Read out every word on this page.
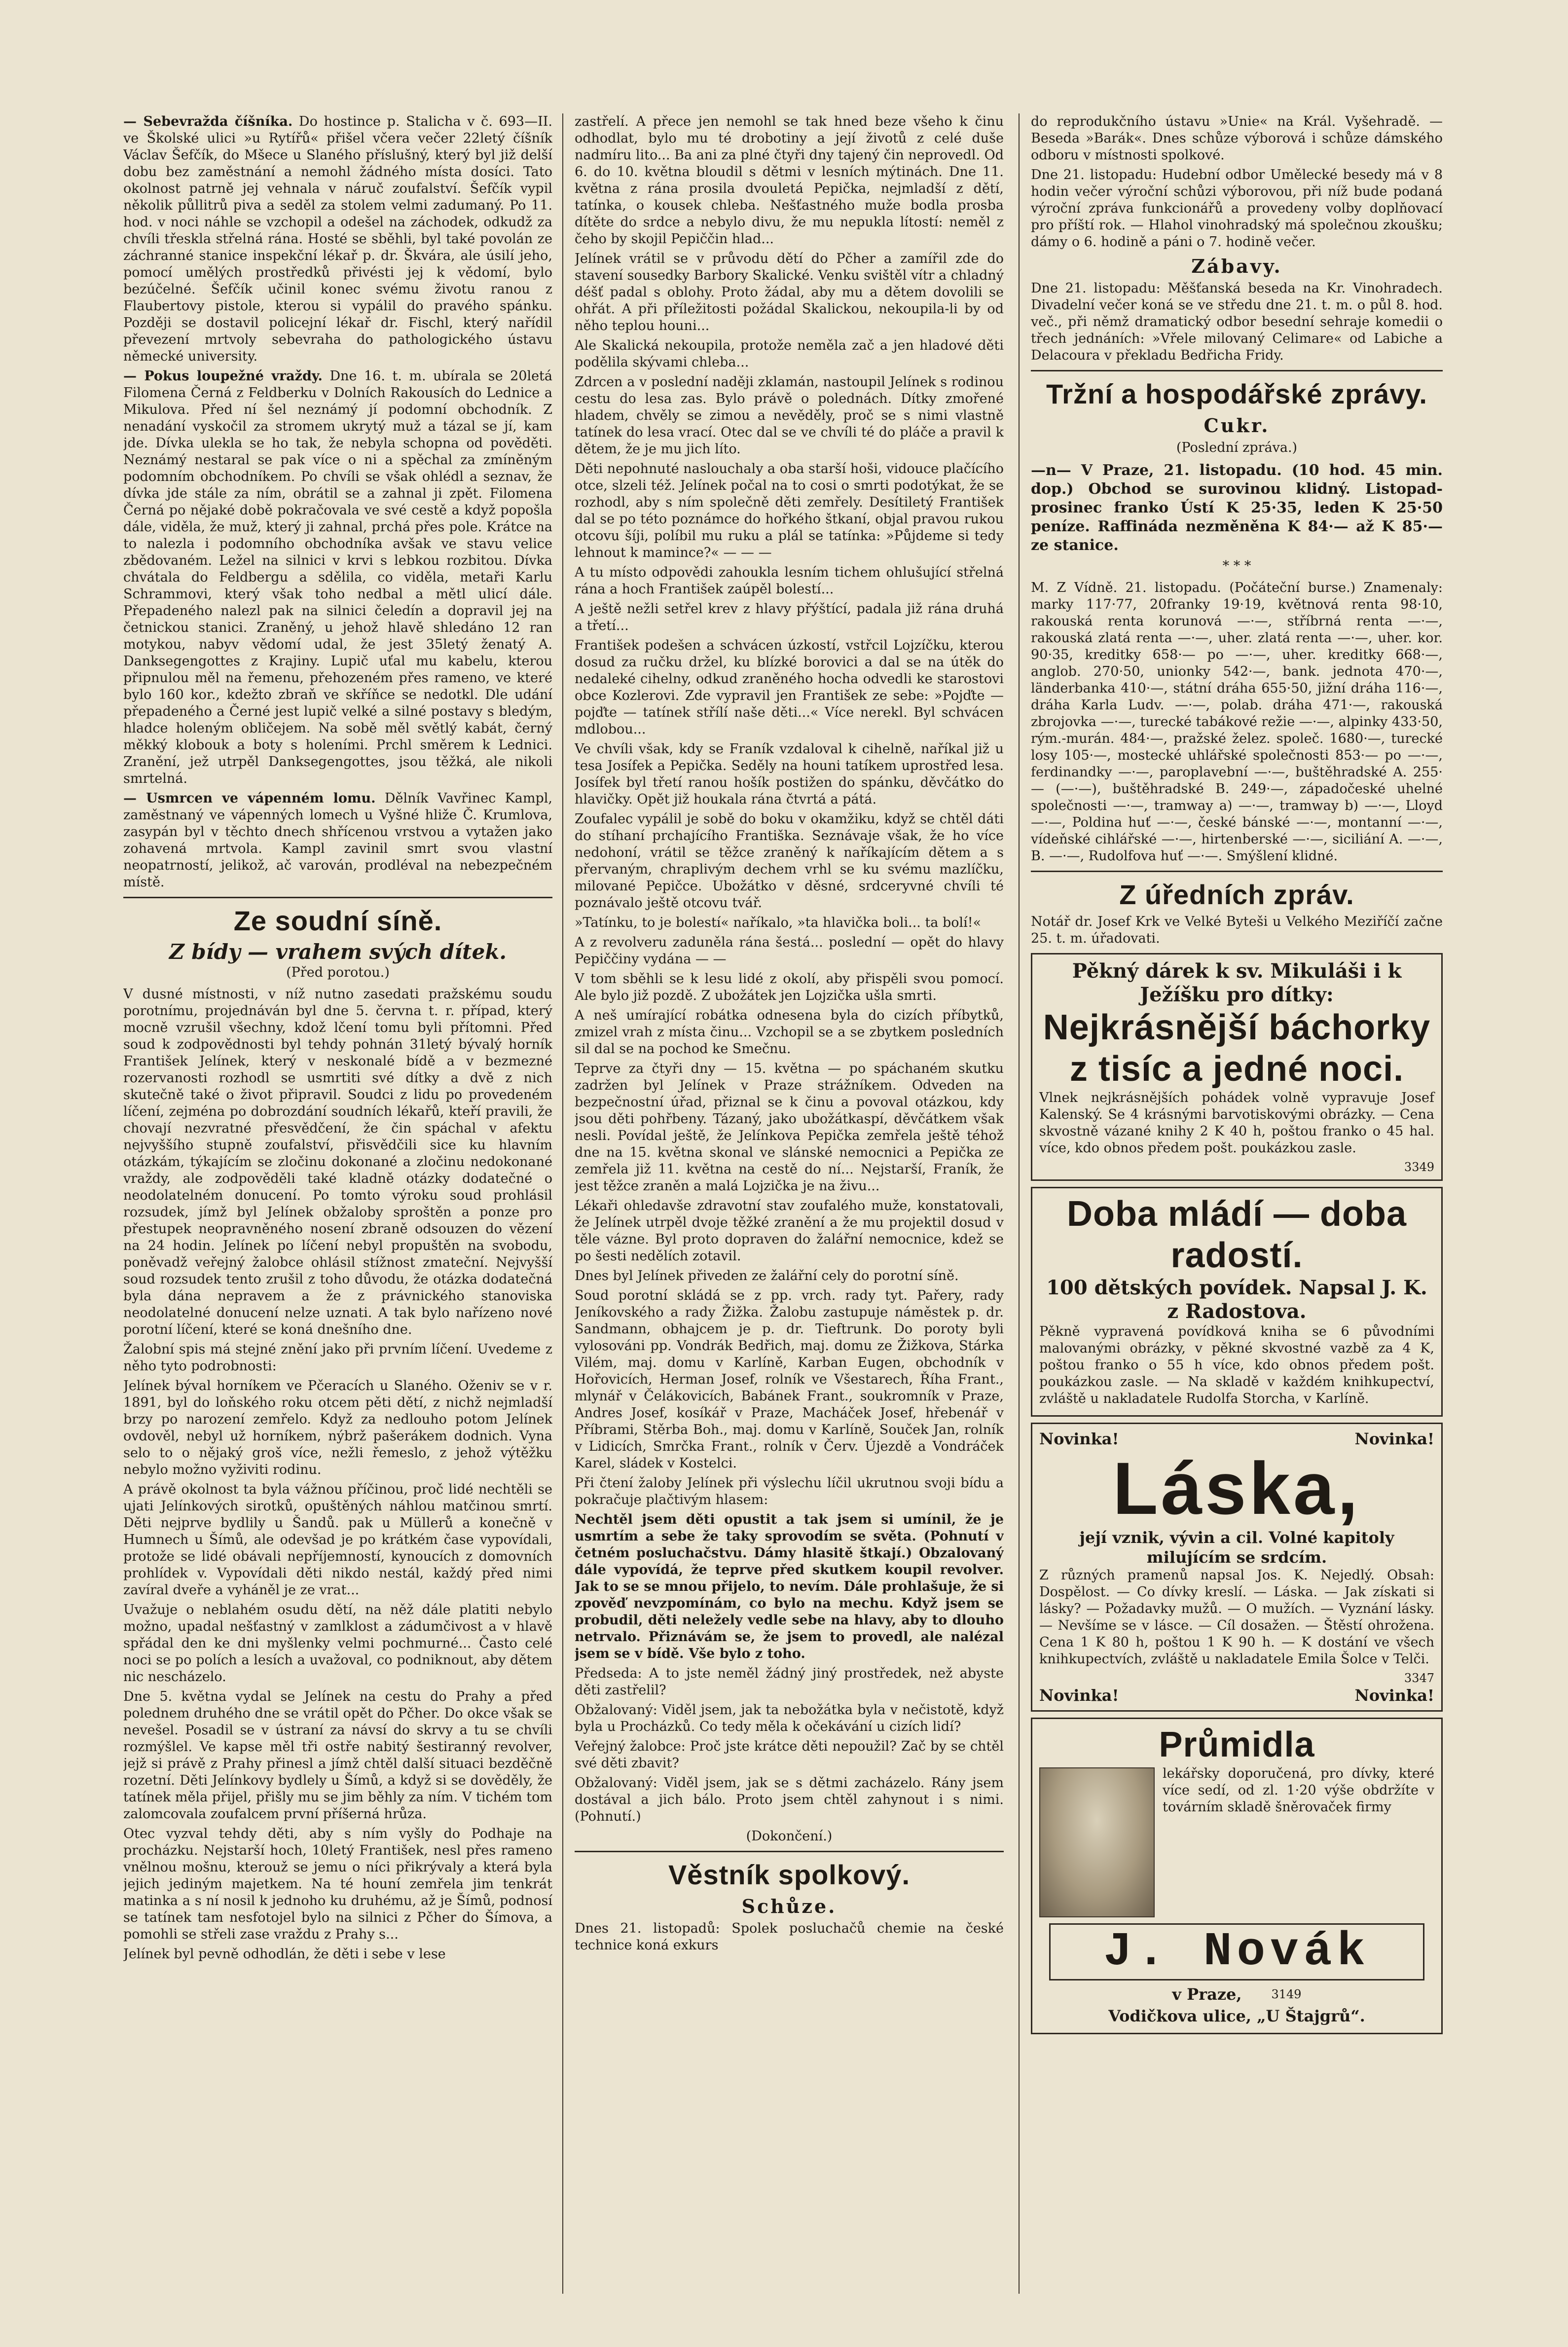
— Sebevražda číšníka. Do hostince p. Stalicha v č. 693—II. ve Školské ulici »u Rytířů« přišel včera večer 22letý číšník Václav Šefčík, do Mšece u Slaného příslušný, který byl již delší dobu bez zaměstnání a nemohl žádného místa dosíci. Tato okolnost patrně jej vehnala v náruč zoufalství. Šefčík vypil několik půllitrů piva a seděl za stolem velmi zadumaný. Po 11. hod. v noci náhle se vzchopil a odešel na záchodek, odkudž za chvíli třeskla střelná rána. Hosté se sběhli, byl také povolán ze záchranné stanice inspekční lékař p. dr. Škvára, ale úsilí jeho, pomocí umělých prostředků přivésti jej k vědomí, bylo bezúčelné. Šefčík učinil konec svému životu ranou z Flaubertovy pistole, kterou si vypálil do pravého spánku. Později se dostavil policejní lékař dr. Fischl, který nařídil převezení mrtvoly sebevraha do pathologického ústavu německé university.

— Pokus loupežné vraždy. Dne 16. t. m. ubírala se 20letá Filomena Černá z Feldberku v Dolních Rakousích do Lednice a Mikulova. Před ní šel neznámý jí podomní obchodník. Z nenadání vyskočil za stromem ukrytý muž a tázal se jí, kam jde. Dívka ulekla se ho tak, že nebyla schopna od pověděti. Neznámý nestaral se pak více o ni a spěchal za zmíněným podomním obchodníkem. Po chvíli se však ohlédl a seznav, že dívka jde stále za ním, obrátil se a zahnal ji zpět. Filomena Černá po nějaké době pokračovala ve své cestě a když popošla dále, viděla, že muž, který ji zahnal, prchá přes pole. Krátce na to nalezla i podomního obchodníka avšak ve stavu velice zbědovaném. Ležel na silnici v krvi s lebkou rozbitou. Dívka chvátala do Feldbergu a sdělila, co viděla, metaři Karlu Schrammovi, který však toho nedbal a mětl ulicí dále. Přepadeného nalezl pak na silnici čeledín a dopravil jej na četnickou stanici. Zraněný, u jehož hlavě shledáno 12 ran motykou, nabyv vědomí udal, že jest 35letý ženatý A. Danksegengottes z Krajiny. Lupič uťal mu kabelu, kterou připnulou měl na řemenu, přehozeném přes rameno, ve které bylo 160 kor., kdežto zbraň ve skříňce se nedotkl. Dle udání přepadeného a Černé jest lupič velké a silné postavy s bledým, hladce holeným obličejem. Na sobě měl světlý kabát, černý měkký klobouk a boty s holeními. Prchl směrem k Lednici. Zranění, jež utrpěl Danksegengottes, jsou těžká, ale nikoli smrtelná.

— Usmrcen ve vápenném lomu. Dělník Vavřinec Kampl, zaměstnaný ve vápenných lomech u Vyšné hliže Č. Krumlova, zasypán byl v těchto dnech shřícenou vrstvou a vytažen jako zohavená mrtvola. Kampl zavinil smrt svou vlastní neopatrností, jelikož, ač varován, prodléval na nebezpečném místě.

Ze soudní síně.
Z bídy — vrahem svých dítek.
(Před porotou.)

V dusné místnosti, v níž nutno zasedati pražskému soudu porotnímu, projednáván byl dne 5. června t. r. případ, který mocně vzrušil všechny, kdož lčení tomu byli přítomni. Před soud k zodpovědnosti byl tehdy pohnán 31letý bývalý horník František Jelínek, který v neskonalé bídě a v bezmezné rozervanosti rozhodl se usmrtiti své dítky a dvě z nich skutečně také o život připravil. Soudci z lidu po provedeném líčení, zejména po dobrozdání soudních lékařů, kteří pravili, že chovají nezvratné přesvědčení, že čin spáchal v afektu nejvyššího stupně zoufalství, přisvědčili sice ku hlavním otázkám, týkajícím se zločinu dokonané a zločinu nedokonané vraždy, ale zodpověděli také kladně otázky dodatečné o neodolatelném donucení. Po tomto výroku soud prohlásil rozsudek, jímž byl Jelínek obžaloby sproštěn a ponze pro přestupek neopravněného nosení zbraně odsouzen do vězení na 24 hodin. Jelínek po líčení nebyl propuštěn na svobodu, poněvadž veřejný žalobce ohlásil stížnost zmateční. Nejvyšší soud rozsudek tento zrušil z toho důvodu, že otázka dodatečná byla dána nepravem a že z právnického stanoviska neodolatelné donucení nelze uznati. A tak bylo nařízeno nové porotní líčení, které se koná dnešního dne.

Žalobní spis má stejné znění jako při prvním líčení. Uvedeme z něho tyto podrobnosti:

Jelínek býval horníkem ve Pčeracích u Slaného. Oženiv se v r. 1891, byl do loňského roku otcem pěti dětí, z nichž nejmladší brzy po narození zemřelo. Když za nedlouho potom Jelínek ovdověl, nebyl už horníkem, nýbrž pašerákem dodnich. Vyna selo to o nějaký groš více, nežli řemeslo, z jehož výtěžku nebylo možno vyživiti rodinu.

A právě okolnost ta byla vážnou příčinou, proč lidé nechtěli se ujati Jelínkových sirotků, opuštěných náhlou matčinou smrtí. Děti nejprve bydlily u Šandů. pak u Müllerů a konečně v Humnech u Šímů, ale odevšad je po krátkém čase vypovídali, protože se lidé obávali nepříjemností, kynoucích z domovních prohlídek v. Vypovídali děti nikdo nestál, každý před nimi zavíral dveře a vyháněl je ze vrat...

Uvažuje o neblahém osudu dětí, na něž dále platiti nebylo možno, upadal nešťastný v zamlklost a zádumčivost a v hlavě spřádal den ke dni myšlenky velmi pochmurné... Často celé noci se po polích a lesích a uvažoval, co podniknout, aby dětem nic nescházelo.

Dne 5. května vydal se Jelínek na cestu do Prahy a před polednem druhého dne se vrátil opět do Pčher. Do okce však se nevešel. Posadil se v ústraní za návsí do skrvy a tu se chvíli rozmýšlel. Ve kapse měl tři ostře nabitý šestiranný revolver, jejž si právě z Prahy přinesl a jímž chtěl další situaci bezděčně rozetní. Děti Jelínkovy bydlely u Šímů, a když si se dověděly, že tatínek měla přijel, přišly mu se jim běhly za ním. V tichém tom zalomcovala zoufalcem první příšerná hrůza.

Otec vyzval tehdy děti, aby s ním vyšly do Podhaje na procházku. Nejstarší hoch, 10letý František, nesl přes rameno vnělnou mošnu, kterouž se jemu o níci přikrývaly a která byla jejich jediným majetkem. Na té houní zemřela jim tenkrát matinka a s ní nosil k jednoho ku druhému, až je Šímů, podnosí se tatínek tam nesfotojel bylo na silnici z Pčher do Šímova, a pomohli se střeli zase vraždu z Prahy s...

Jelínek byl pevně odhodlán, že děti i sebe v lese

zastřelí. A přece jen nemohl se tak hned beze všeho k činu odhodlat, bylo mu té drobotiny a její životů z celé duše nadmíru lito... Ba ani za plné čtyři dny tajený čin neprovedl. Od 6. do 10. května bloudil s dětmi v lesních mýtinách. Dne 11. května z rána prosila dvouletá Pepička, nejmladší z dětí, tatínka, o kousek chleba. Nešťastného muže bodla prosba dítěte do srdce a nebylo divu, že mu nepukla lítostí: neměl z čeho by skojil Pepiččin hlad...

Jelínek vrátil se v průvodu dětí do Pčher a zamířil zde do stavení sousedky Barbory Skalické. Venku svištěl vítr a chladný déšť padal s oblohy. Proto žádal, aby mu a dětem dovolili se ohřát. A při příležitosti požádal Skalickou, nekoupila-li by od něho teplou houni...

Ale Skalická nekoupila, protože neměla zač a jen hladové děti podělila skývami chleba...

Zdrcen a v poslední naději zklamán, nastoupil Jelínek s rodinou cestu do lesa zas. Bylo právě o polednách. Dítky zmořené hladem, chvěly se zimou a nevěděly, proč se s nimi vlastně tatínek do lesa vrací. Otec dal se ve chvíli té do pláče a pravil k dětem, že je mu jich líto.

Děti nepohnuté naslouchaly a oba starší hoši, vidouce plačícího otce, slzeli též. Jelínek počal na to cosi o smrti podotýkat, že se rozhodl, aby s ním společně děti zemřely. Desítiletý František dal se po této poznámce do hořkého štkaní, objal pravou rukou otcovu šíji, políbil mu ruku a plál se tatínka: »Půjdeme si tedy lehnout k mamince?« — — —

A tu místo odpovědi zahoukla lesním tichem ohlušující střelná rána a hoch František zaúpěl bolestí...

A ještě nežli setřel krev z hlavy přýštící, padala již rána druhá a třetí...

František podešen a schvácen úzkostí, vstřcil Lojzíčku, kterou dosud za ručku držel, ku blízké borovici a dal se na útěk do nedaleké cihelny, odkud zraněného hocha odvedli ke starostovi obce Kozlerovi. Zde vypravil jen František ze sebe: »Pojďte — pojďte — tatínek střílí naše děti...« Více nerekl. Byl schvácen mdlobou...

Ve chvíli však, kdy se Franík vzdaloval k cihelně, naříkal již u tesa Josífek a Pepička. Seděly na houni tatíkem uprostřed lesa. Josífek byl třetí ranou hošík postižen do spánku, děvčátko do hlavičky. Opět již houkala rána čtvrtá a pátá.

Zoufalec vypálil je sobě do boku v okamžiku, když se chtěl dáti do stíhaní prchajícího Františka. Seznávaje však, že ho více nedohoní, vrátil se těžce zraněný k naříkajícím dětem a s přervaným, chraplivým dechem vrhl se ku svému mazlíčku, milované Pepičce. Ubožátko v děsné, srdceryvné chvíli té poznávalo ještě otcovu tvář.

»Tatínku, to je bolestí« naříkalo, »ta hlavička boli... ta bolí!«

A z revolveru zaduněla rána šestá... poslední — opět do hlavy Pepiččiny vydána — —

V tom sběhli se k lesu lidé z okolí, aby přispěli svou pomocí. Ale bylo již pozdě. Z ubožátek jen Lojzička ušla smrti.

A neš umírající robátka odnesena byla do cizích příbytků, zmizel vrah z místa činu... Vzchopil se a se zbytkem posledních sil dal se na pochod ke Smečnu.

Teprve za čtyři dny — 15. května — po spáchaném skutku zadržen byl Jelínek v Praze strážníkem. Odveden na bezpečnostní úřad, přiznal se k činu a povoval otázkou, kdy jsou děti pohřbeny. Tázaný, jako ubožátkaspí, děvčátkem však nesli. Povídal ještě, že Jelínkova Pepička zemřela ještě téhož dne na 15. května skonal ve slánské nemocnici a Pepička ze zemřela již 11. května na cestě do ní... Nejstarší, Franík, že jest těžce zraněn a malá Lojzička je na živu...

Lékaři ohledavše zdravotní stav zoufalého muže, konstatovali, že Jelínek utrpěl dvoje těžké zranění a že mu projektil dosud v těle vázne. Byl proto dopraven do žalářní nemocnice, kdež se po šesti nedělích zotavil.

Dnes byl Jelínek přiveden ze žalářní cely do porotní síně.

Soud porotní skládá se z pp. vrch. rady tyt. Pařery, rady Jeníkovského a rady Žižka. Žalobu zastupuje náměstek p. dr. Sandmann, obhajcem je p. dr. Tieftrunk. Do poroty byli vylosováni pp. Vondrák Bedřich, maj. domu ze Žižkova, Stárka Vilém, maj. domu v Karlíně, Karban Eugen, obchodník v Hořovicích, Herman Josef, rolník ve Všestarech, Říha Frant., mlynář v Čelákovicích, Babánek Frant., soukromník v Praze, Andres Josef, kosíkář v Praze, Macháček Josef, hřebenář v Příbrami, Stěrba Boh., maj. domu v Karlíně, Souček Jan, rolník v Lidicích, Smrčka Frant., rolník v Červ. Újezdě a Vondráček Karel, sládek v Kostelci.

Při čtení žaloby Jelínek při výslechu líčil ukrutnou svoji bídu a pokračuje plačtivým hlasem:

Nechtěl jsem děti opustit a tak jsem si umínil, že je usmrtím a sebe že taky sprovodím se světa. (Pohnutí v četném posluchačstvu. Dámy hlasitě štkají.) Obzalovaný dále vypovídá, že teprve před skutkem koupil revolver. Jak to se se mnou přijelo, to nevím. Dále prohlašuje, že si zpověď nevzpomínám, co bylo na mechu. Když jsem se probudil, děti neležely vedle sebe na hlavy, aby to dlouho netrvalo. Přiznávám se, že jsem to provedl, ale nalézal jsem se v bídě. Vše bylo z toho.

Předseda: A to jste neměl žádný jiný prostředek, než abyste děti zastřelil?

Obžalovaný: Viděl jsem, jak ta nebožátka byla v nečistotě, když byla u Procházků. Co tedy měla k očekávání u cizích lidí?

Veřejný žalobce: Proč jste krátce děti nepoužil? Zač by se chtěl své děti zbavit?

Obžalovaný: Viděl jsem, jak se s dětmi zacházelo. Rány jsem dostával a jich bálo. Proto jsem chtěl zahynout i s nimi. (Pohnutí.)

(Dokončení.)

Věstník spolkový.
Schůze.

Dnes 21. listopadů: Spolek posluchačů chemie na české technice koná exkurs

do reprodukčního ústavu »Unie« na Král. Vyšehradě. — Beseda »Barák«. Dnes schůze výborová i schůze dámského odboru v místnosti spolkové.

Dne 21. listopadu: Hudební odbor Umělecké besedy má v 8 hodin večer výroční schůzi výborovou, při níž bude podaná výroční zpráva funkcionářů a provedeny volby doplňovací pro příští rok. — Hlahol vinohradský má společnou zkoušku; dámy o 6. hodině a páni o 7. hodině večer.

Zábavy.

Dne 21. listopadu: Měšťanská beseda na Kr. Vinohradech. Divadelní večer koná se ve středu dne 21. t. m. o půl 8. hod. več., při němž dramatický odbor besední sehraje komedii o třech jednáních: »Vřele milovaný Celimare« od Labiche a Delacoura v překladu Bedřicha Fridy.

Tržní a hospodářské zprávy.
Cukr.
(Poslední zpráva.)

—n— V Praze, 21. listopadu. (10 hod. 45 min. dop.) Obchod se surovinou klidný. Listopad-prosinec franko Ústí K 25·35, leden K 25·50 peníze. Raffináda nezměněna K 84·— až K 85·— ze stanice.

* * *

M. Z Vídně. 21. listopadu. (Počáteční burse.) Znamenaly: marky 117·77, 20franky 19·19, květnová renta 98·10, rakouská renta korunová —·—, stříbrná renta —·—, rakouská zlatá renta —·—, uher. zlatá renta —·—, uher. kor. 90·35, kreditky 658·— po —·—, uher. kreditky 668·—, anglob. 270·50, unionky 542·—, bank. jednota 470·—, länderbanka 410·—, státní dráha 655·50, jižní dráha 116·—, dráha Karla Ludv. —·—, polab. dráha 471·—, rakouská zbrojovka —·—, turecké tabákové režie —·—, alpinky 433·50, rým.-murán. 484·—, pražské želez. společ. 1680·—, turecké losy 105·—, mostecké uhlářské společnosti 853·— po —·—, ferdinandky —·—, paroplavební —·—, buštěhradské A. 255·— (—·—), buštěhradské B. 249·—, západočeské uhelné společnosti —·—, tramway a) —·—, tramway b) —·—, Lloyd —·—, Poldina huť —·—, české bánské —·—, montanní —·—, vídeňské cihlářské —·—, hirtenberské —·—, siciliání A. —·—, B. —·—, Rudolfova huť —·—. Smýšlení klidné.

Z úředních zpráv.

Notář dr. Josef Krk ve Velké Byteši u Velkého Meziříčí začne 25. t. m. úřadovati.

Pěkný dárek k sv. Mikuláši i k Ježíšku pro dítky:
Nejkrásnější báchorky
z tisíc a jedné noci.

Vlnek nejkrásnějších pohádek volně vypravuje Josef Kalenský. Se 4 krásnými barvotiskovými obrázky. — Cena skvostně vázané knihy 2 K 40 h, poštou franko o 45 hal. více, kdo obnos předem pošt. poukázkou zasle.

3349
Doba mládí — doba radostí.
100 dětských povídek. Napsal J. K. z Radostova.

Pěkně vypravená povídková kniha se 6 původními malovanými obrázky, v pěkné skvostné vazbě za 4 K, poštou franko o 55 h více, kdo obnos předem pošt. poukázkou zasle. — Na skladě v každém knihkupectví, zvláště u nakladatele Rudolfa Storcha, v Karlíně.

Novinka!	Novinka!
Láska,
její vznik, vývin a cil. Volné kapitoly milujícím se srdcím.

Z různých pramenů napsal Jos. K. Nejedlý. Obsah: Dospělost. — Co dívky kreslí. — Láska. — Jak získati si lásky? — Požadavky mužů. — O mužích. — Vyznání lásky. — Nevšíme se v lásce. — Cíl dosažen. — Štěstí ohrožena. Cena 1 K 80 h, poštou 1 K 90 h. — K dostání ve všech knihkupectvích, zvláště u nakladatele Emila Šolce v Telči.

3347
Novinka!	Novinka!
Průmidla

lekářsky doporučená, pro dívky, které více sedí, od zl. 1·20 výše obdržíte v továrním skladě šněrovaček firmy

J. Novák
v Praze,	3149
Vodičkova ulice, „U Štajgrů“.
